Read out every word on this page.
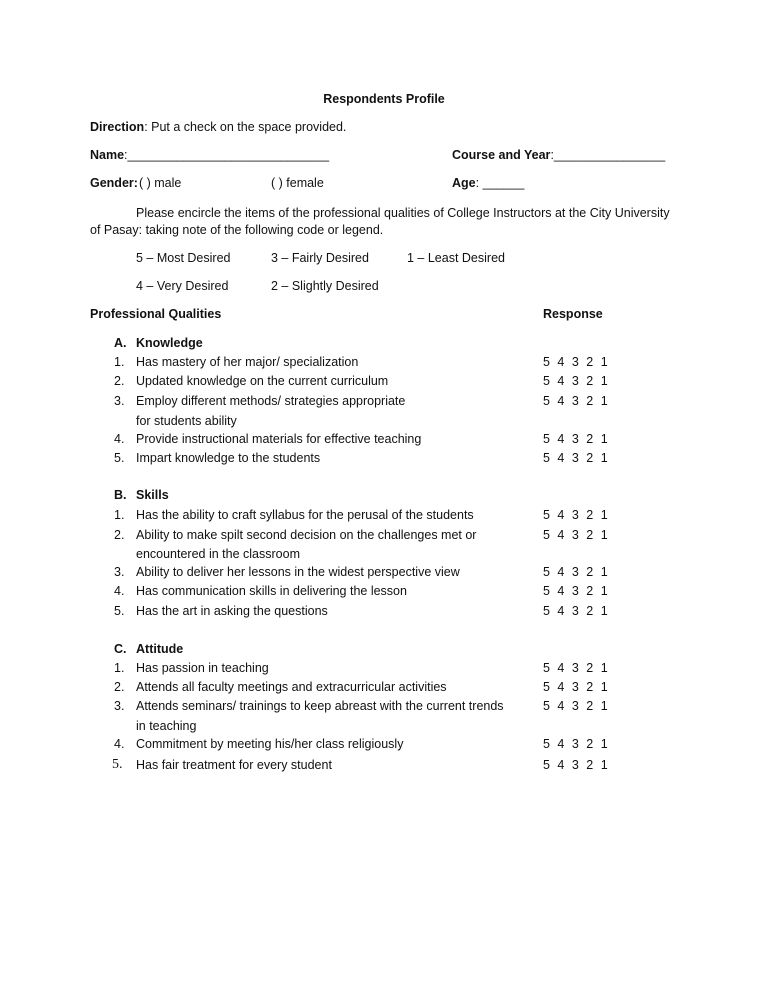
Respondents Profile
Direction: Put a check on the space provided.
Name:_____________________________	Course and Year:________________
Gender: ( ) male	( ) female	Age: ______
Please encircle the items of the professional qualities of College Instructors at the City University
of Pasay: taking note of the following code or legend.
5 – Most Desired	3 – Fairly Desired	1 – Least Desired
4 – Very Desired	2 – Slightly Desired
Professional Qualities	Response
A. Knowledge
1. Has mastery of her major/ specialization	5 4 3 2 1
2. Updated knowledge on the current curriculum	5 4 3 2 1
3. Employ different methods/ strategies appropriate	5 4 3 2 1
for students ability
4. Provide instructional materials for effective teaching	5 4 3 2 1
5. Impart knowledge to the students	5 4 3 2 1
B. Skills
1. Has the ability to craft syllabus for the perusal of the students	5 4 3 2 1
2. Ability to make spilt second decision on the challenges met or	5 4 3 2 1
encountered in the classroom
3. Ability to deliver her lessons in the widest perspective view	5 4 3 2 1
4. Has communication skills in delivering the lesson	5 4 3 2 1
5. Has the art in asking the questions	5 4 3 2 1
C. Attitude
1. Has passion in teaching	5 4 3 2 1
2. Attends all faculty meetings and extracurricular activities	5 4 3 2 1
3. Attends seminars/ trainings to keep abreast with the current trends	5 4 3 2 1
in teaching
4. Commitment by meeting his/her class religiously	5 4 3 2 1
5. Has fair treatment for every student	5 4 3 2 1
